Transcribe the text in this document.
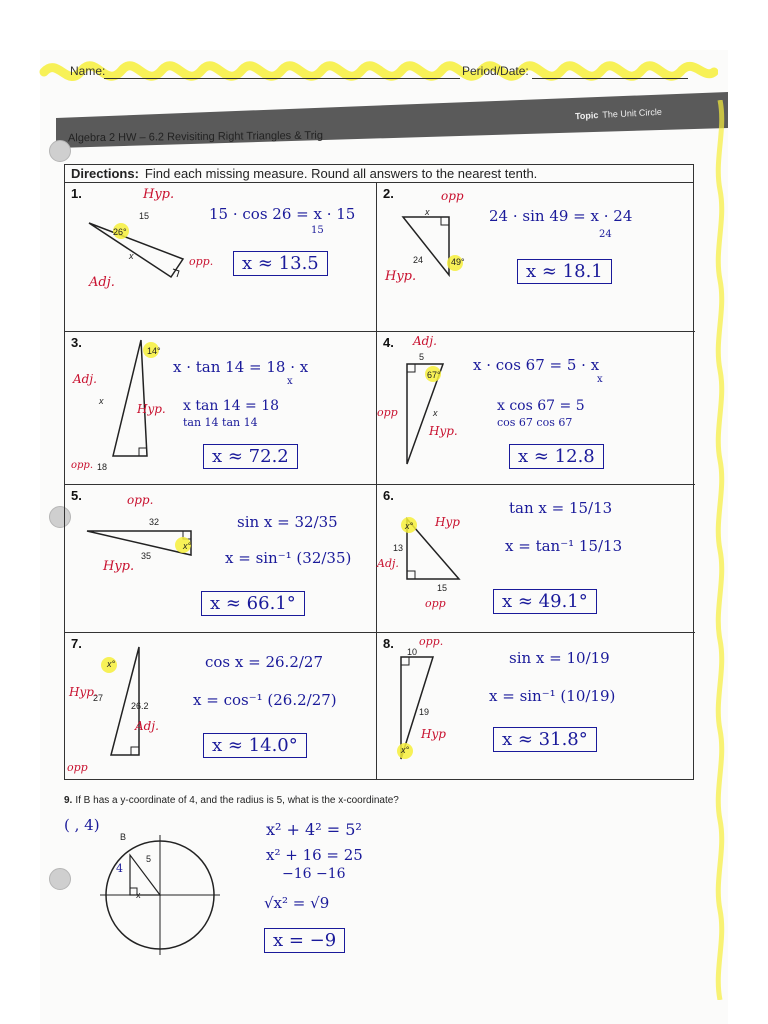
Name:	Period/Date:
Topic The Unit Circle
Algebra 2 HW – 6.2 Revisiting Right Triangles & Trig
Directions: Find each missing measure. Round all answers to the nearest tenth.
1.
15
26°
x
Hyp.
Adj.
opp.
15 · cos 26 = x · 15
15
x ≈ 13.5
2.
x
24	49°
opp
Hyp.
24 · sin 49 = x · 24
24
x ≈ 18.1
3.
14°
x
18
Adj.
Hyp.
opp.
x · tan 14 = 18 · x
x
x tan 14 = 18
tan 14 tan 14
x ≈ 72.2
4.
5
67°
x
Adj.
opp
Hyp.
x · cos 67 = 5 · x
x
x cos 67 = 5
cos 67 cos 67
x ≈ 12.8
5.
32
35
x°
opp.
Hyp.
sin x = 32/35
x = sin⁻¹ (32/35)
x ≈ 66.1°
6.
x°
13
15
Hyp
Adj.
opp
tan x = 15/13
x = tan⁻¹ 15/13
x ≈ 49.1°
7.
x°
27
26.2
Hyp.
Adj.
opp
cos x = 26.2/27
x = cos⁻¹ (26.2/27)
x ≈ 14.0°
8.
10
19
x°
opp.
Hyp
sin x = 10/19
x = sin⁻¹ (10/19)
x ≈ 31.8°
9. If B has a y-coordinate of 4, and the radius is 5, what is the x-coordinate?
( , 4)
B
4
5
x
x² + 4² = 5²
x² + 16 = 25
−16 −16
√x² = √9
x = −9
